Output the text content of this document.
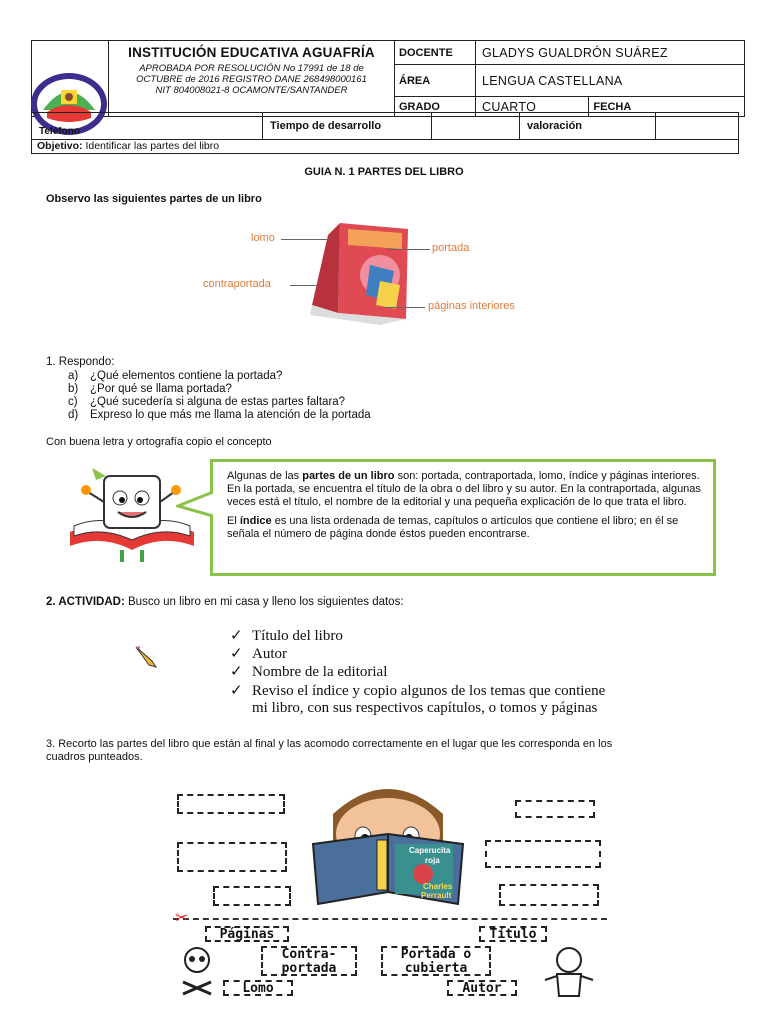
INSTITUCIÓN EDUCATIVA AGUAFRÍA
APROBADA POR RESOLUCIÓN No 17991 de 18 de
OCTUBRE de 2016 REGISTRO DANE 268498000161
NIT 804008021-8 OCAMONTE/SANTANDER	DOCENTE	GLADYS GUALDRÓN SUÁREZ	
		ÁREA	LENGUA CASTELLANA	
		GRADO	CUARTO	FECHA
Teléfono	Tiempo de desarrollo	valoración
Objetivo: Identificar las partes del libro
GUIA N. 1 PARTES DEL LIBRO
Observo las siguientes partes de un libro
lomo
portada
contraportada
páginas interiores
1. Respondo:
a) ¿Qué elementos contiene la portada?
b) ¿Por qué se llama portada?
c) ¿Qué sucedería si alguna de estas partes faltara?
d) Expreso lo que más me llama la atención de la portada
Con buena letra y ortografía copio el concepto

Algunas de las partes de un libro son: portada, contraportada, lomo, índice y páginas interiores. En la portada, se encuentra el título de la obra o del libro y su autor. En la contraportada, algunas veces está el título, el nombre de la editorial y una pequeña explicación de lo que trata el libro.

El índice es una lista ordenada de temas, capítulos o artículos que contiene el libro; en él se señala el número de página donde éstos pueden encontrarse.

2. ACTIVIDAD: Busco un libro en mi casa y lleno los siguientes datos:
✓ Título del libro
✓ Autor
✓ Nombre de la editorial
✓ Reviso el índice y copio algunos de los temas que contiene
mi libro, con sus respectivos capítulos, o tomos y páginas
3. Recorto las partes del libro que están al final y las acomodo correctamente en el lugar que les corresponda en los
cuadros punteados.
Caperucita
roja
Charles
Perrault
✂
Páginas	Título
Contra-
portada
Portada o
cubierta
Lomo	Autor
